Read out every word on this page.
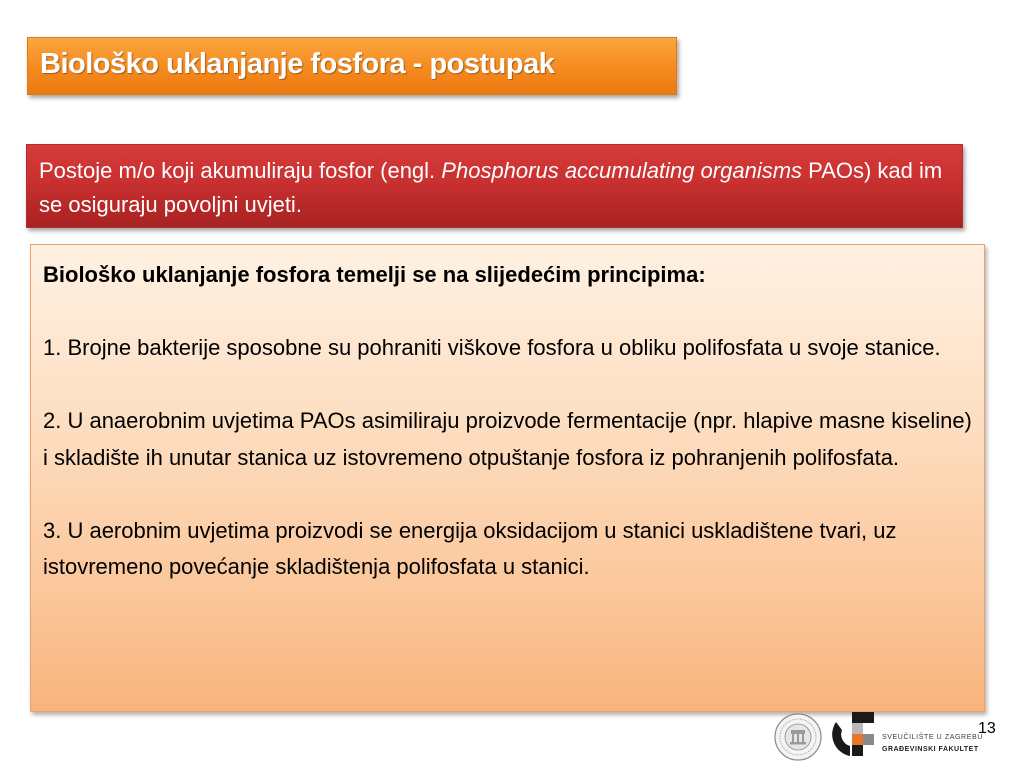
Biološko uklanjanje fosfora - postupak
Postoje m/o koji akumuliraju fosfor (engl. Phosphorus accumulating organisms PAOs) kad im se osiguraju povoljni uvjeti.

Biološko uklanjanje fosfora temelji se na slijedećim principima:

1. Brojne bakterije sposobne su pohraniti viškove fosfora u obliku polifosfata u svoje stanice.

2. U anaerobnim uvjetima PAOs asimiliraju proizvode fermentacije (npr. hlapive masne kiseline) i skladište ih unutar stanica uz istovremeno otpuštanje fosfora iz pohranjenih polifosfata.

3. U aerobnim uvjetima proizvodi se energija oksidacijom u stanici uskladištene tvari, uz istovremeno povećanje skladištenja polifosfata u stanici.

SVEUČILIŠTE U ZAGREBU
GRAĐEVINSKI FAKULTET
13
